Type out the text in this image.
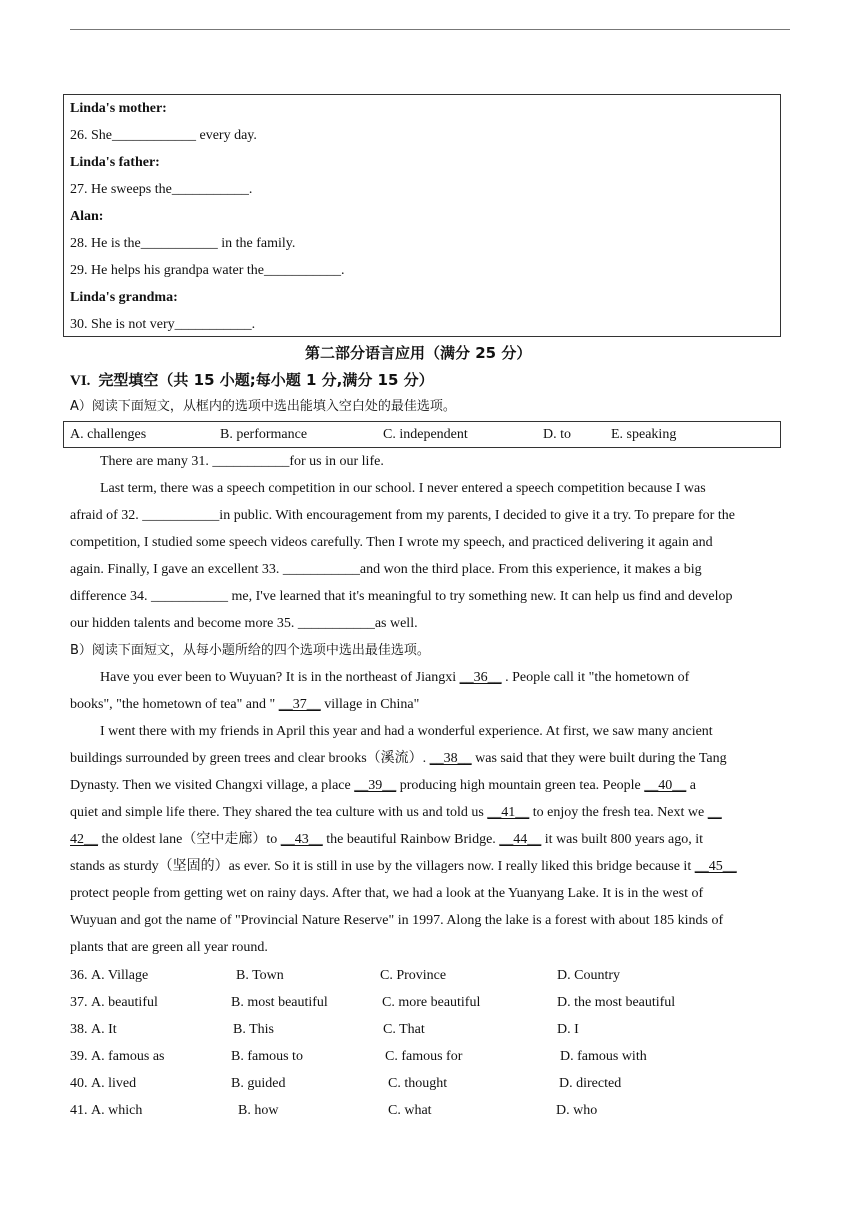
Linda's mother:
26. She____________ every day.
Linda's father:
27. He sweeps the___________.
Alan:
28. He is the___________ in the family.
29. He helps his grandpa water the___________.
Linda's grandma:
30. She is not very___________.
第二部分语言应用（满分 25 分）
VI. 完型填空（共 15 小题;每小题 1 分,满分 15 分）
A）阅读下面短文，从框内的选项中选出能填入空白处的最佳选项。
A. challenges	B. performance	C. independent	D. to	E. speaking
There are many 31. ___________for us in our life.
Last term, there was a speech competition in our school. I never entered a speech competition because I was
afraid of 32. ___________in public. With encouragement from my parents, I decided to give it a try. To prepare for the
competition, I studied some speech videos carefully. Then I wrote my speech, and practiced delivering it again and
again. Finally, I gave an excellent 33. ___________and won the third place. From this experience, it makes a big
difference 34. ___________ me, I've learned that it's meaningful to try something new. It can help us find and develop
our hidden talents and become more 35. ___________as well.
B）阅读下面短文，从每小题所给的四个选项中选出最佳选项。
Have you ever been to Wuyuan? It is in the northeast of Jiangxi __36__ . People call it "the hometown of
books", "the hometown of tea" and " __37__ village in China"
I went there with my friends in April this year and had a wonderful experience. At first, we saw many ancient
buildings surrounded by green trees and clear brooks（溪流）. __38__ was said that they were built during the Tang
Dynasty. Then we visited Changxi village, a place __39__ producing high mountain green tea. People __40__ a
quiet and simple life there. They shared the tea culture with us and told us __41__ to enjoy the fresh tea. Next we __
42__ the oldest lane（空中走廊）to __43__ the beautiful Rainbow Bridge. __44__ it was built 800 years ago, it
stands as sturdy（坚固的）as ever. So it is still in use by the villagers now. I really liked this bridge because it __45__
protect people from getting wet on rainy days. After that, we had a look at the Yuanyang Lake. It is in the west of
Wuyuan and got the name of "Provincial Nature Reserve" in 1997. Along the lake is a forest with about 185 kinds of
plants that are green all year round.
36. A. Village	B. Town	C. Province	D. Country
37. A. beautiful	B. most beautiful	C. more beautiful	D. the most beautiful
38. A. It	B. This	C. That	D. I
39. A. famous as	B. famous to	C. famous for	D. famous with
40. A. lived	B. guided	C. thought	D. directed
41. A. which	B. how	C. what	D. who
